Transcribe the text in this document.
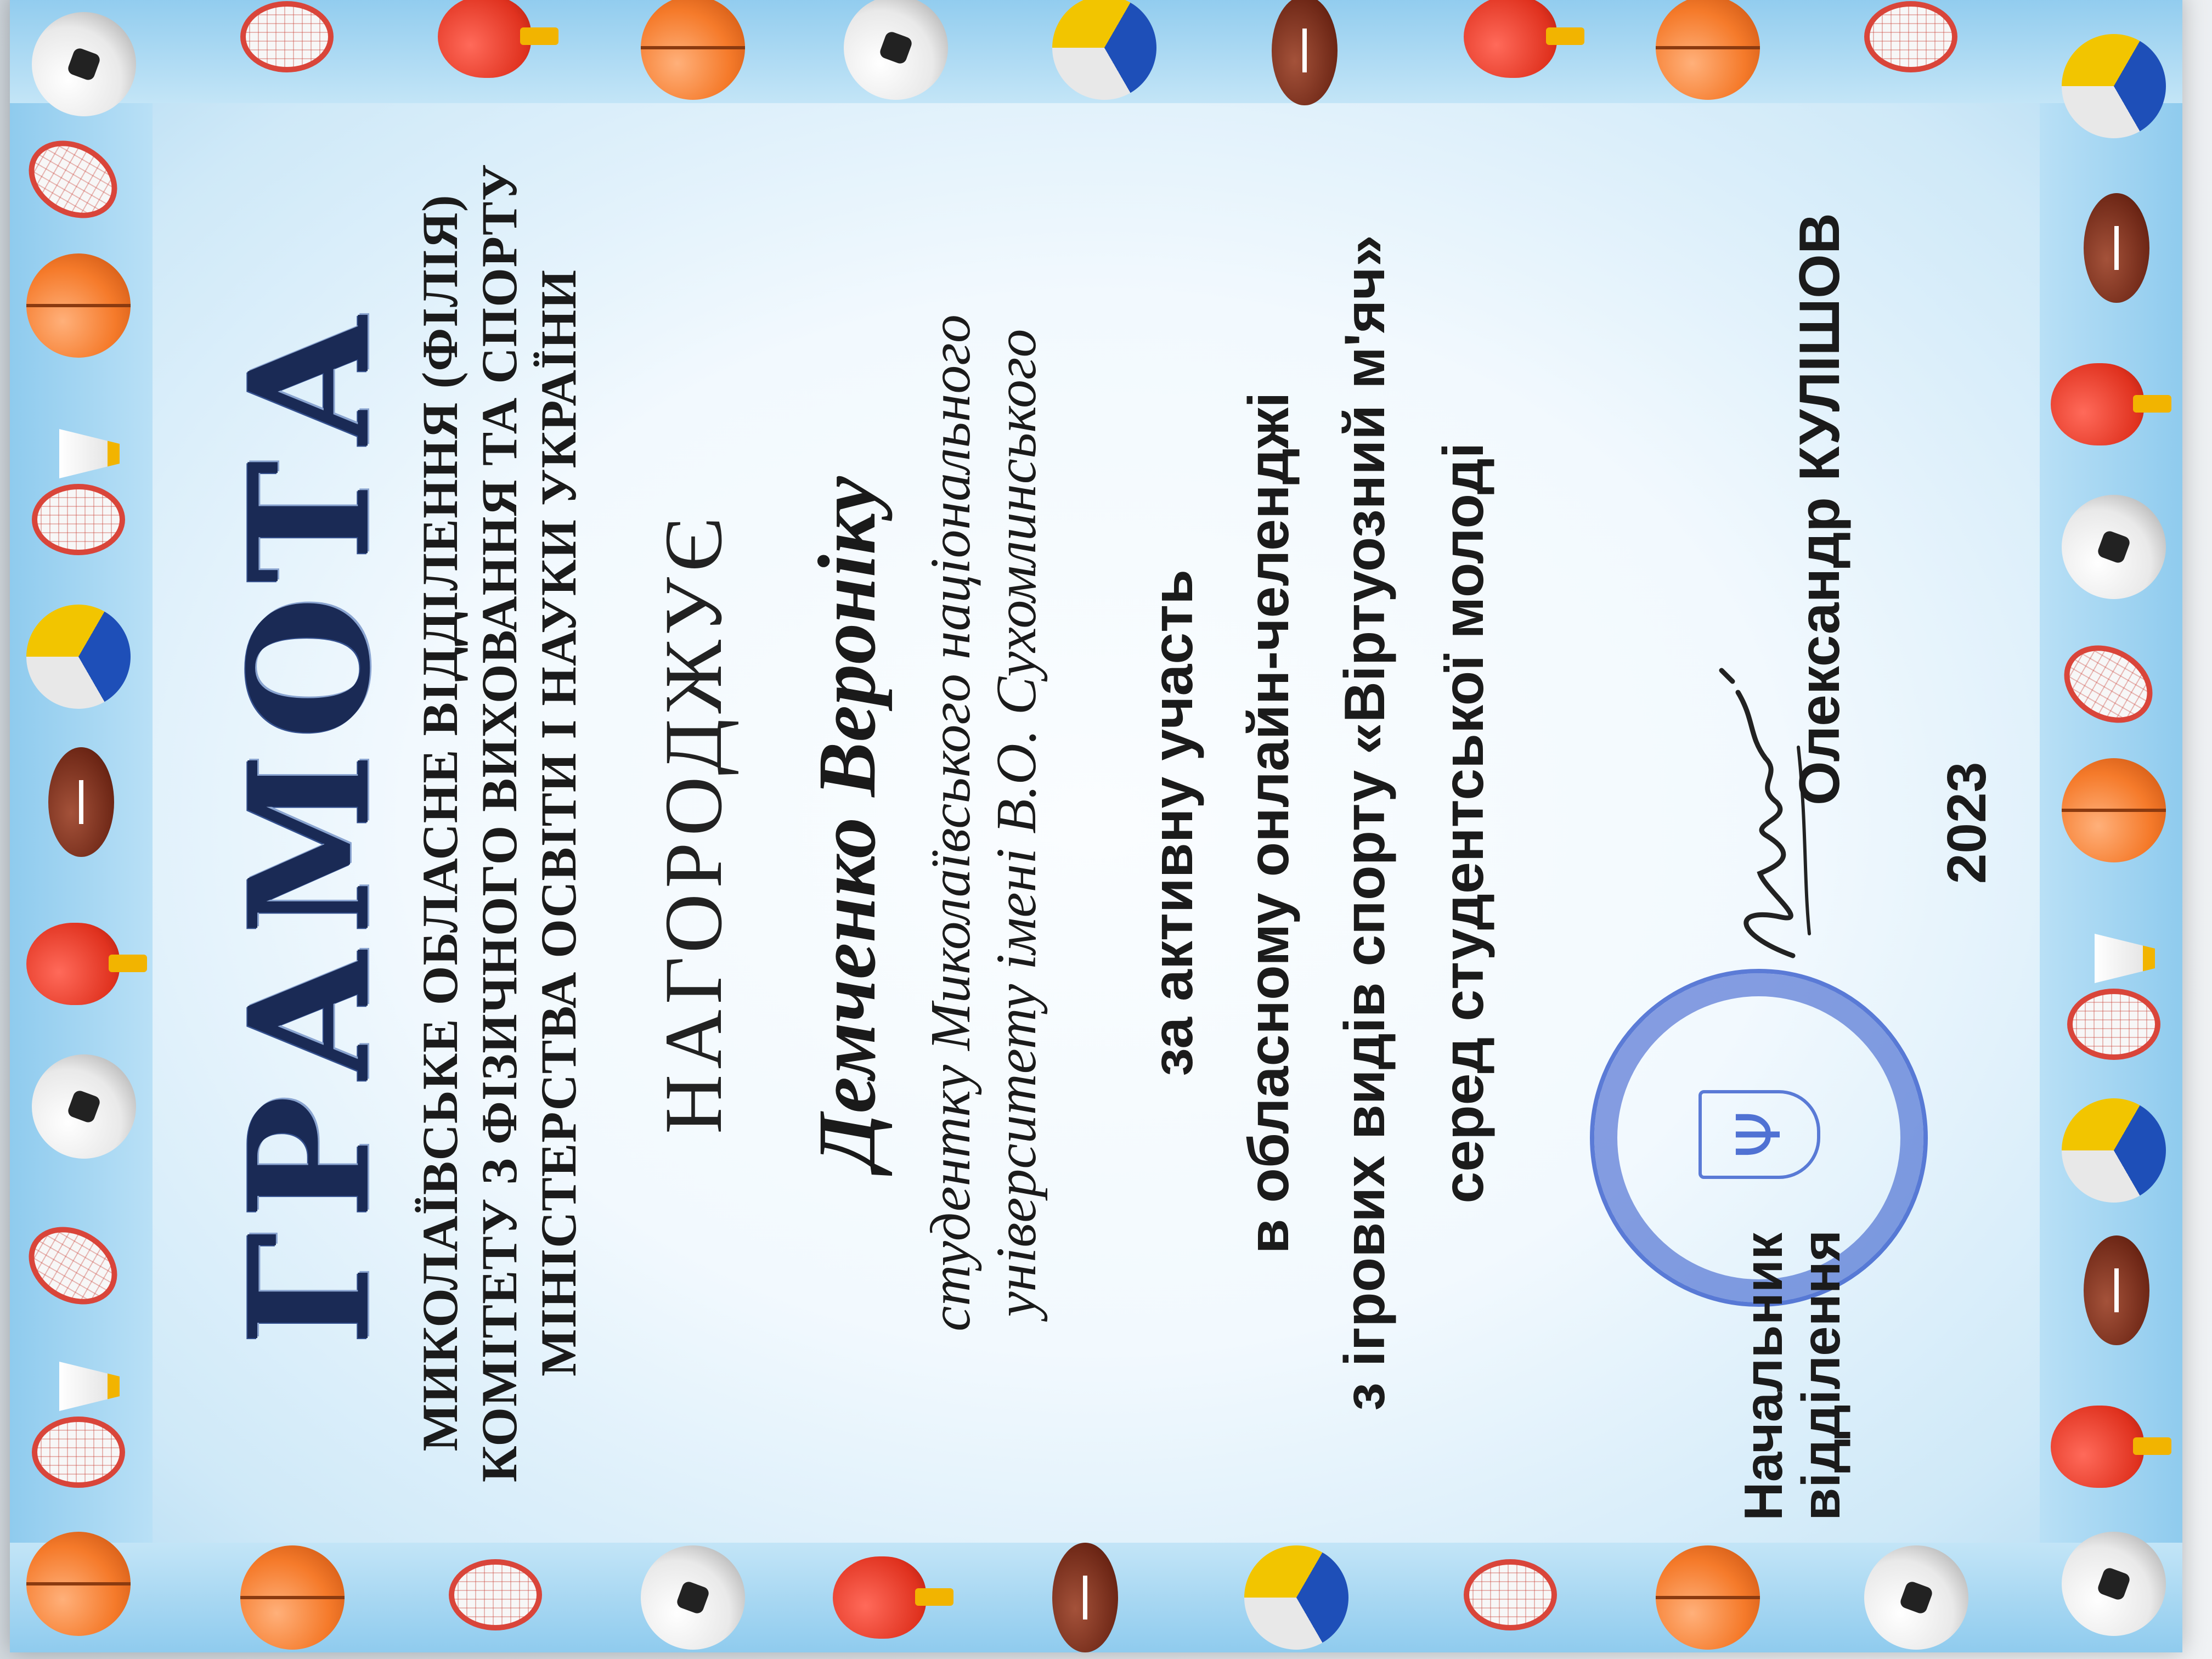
ГРАМОТА МИКОЛАЇВСЬКЕ ОБЛАСНЕ ВІДДІЛЕННЯ (ФІЛІЯ) КОМІТЕТУ З ФІЗИЧНОГО ВИХОВАННЯ ТА СПОРТУ МІНІСТЕРСТВА ОСВІТИ І НАУКИ УКРАЇНИ НАГОРОДЖУЄ Демченко Вероніку студентку Миколаївського національного університету імені В.О. Сухомлинського за активну участь в обласному онлайн-челенджі з ігрових видів спорту «Віртуозний м'яч» серед студентської молоді	Ψ
Начальник
відділення
Олександр КУЛІШОВ
2023
